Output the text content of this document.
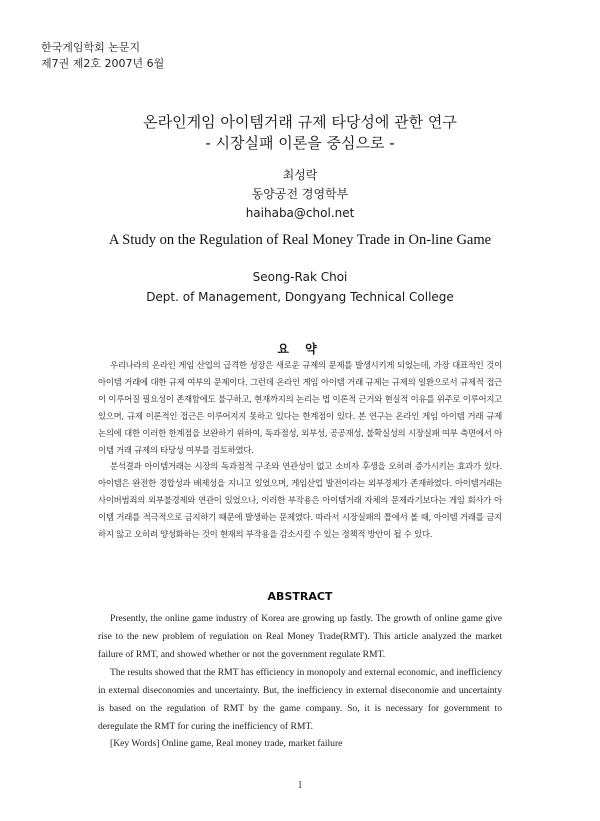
한국게임학회 논문지
제7권 제2호 2007년 6월

온라인게임 아이템거래 규제 타당성에 관한 연구

- 시장실패 이론을 중심으로 -

최성락
동양공전 경영학부
haihaba@chol.net
A Study on the Regulation of Real Money Trade in On-line Game
Seong-Rak Choi
Dept. of Management, Dongyang Technical College
요 약

우리나라의 온라인 게임 산업의 급격한 성장은 새로운 규제의 문제를 발생시키게 되었는데, 가장 대표적인 것이 아이템 거래에 대한 규제 여부의 문제이다. 그런데 온라인 게임 아이템 거래 규제는 규제의 일환으로서 규제적 접근이 이루어질 필요성이 존재함에도 불구하고, 현재까지의 논리는 법 이론적 근거와 현실적 이유를 위주로 이루어지고 있으며, 규제 이론적인 접근은 이루어지지 못하고 있다는 한계점이 있다. 본 연구는 온라인 게임 아이템 거래 규제 논의에 대한 이러한 한계점을 보완하기 위하여, 독과점성, 외부성, 공공재성, 불확실성의 시장실패 여부 측면에서 아이템 거래 규제의 타당성 여부를 검토하였다.

분석결과 아이템거래는 시장의 독과점적 구조와 연관성이 없고 소비자 후생을 오히려 증가시키는 효과가 있다. 아이템은 완전한 경합성과 배제성을 지니고 있었으며, 게임산업 발전이라는 외부경제가 존재하였다. 아이템거래는 사이버범죄의 외부불경제와 연관이 있었으나, 이러한 부작용은 아이템거래 자체의 문제라기보다는 게임 회사가 아이템 거래를 적극적으로 금지하기 때문에 발생하는 문제였다. 따라서 시장실패의 틀에서 볼 때, 아이템 거래를 금지하지 않고 오히려 양성화하는 것이 현재의 부작용을 감소시킬 수 있는 정책적 방안이 될 수 있다.

ABSTRACT

Presently, the online game industry of Korea are growing up fastly. The growth of online game give rise to the new problem of regulation on Real Money Trade(RMT). This article analyzed the market failure of RMT, and showed whether or not the government regulate RMT.

The results showed that the RMT has efficiency in monopoly and external economic, and inefficiency in external diseconomies and uncertainty. But, the inefficiency in external diseconomie and uncertainty is based on the regulation of RMT by the game company. So, it is necessary for government to deregulate the RMT for curing the inefficiency of RMT.

[Key Words] Online game, Real money trade, market failure
1
